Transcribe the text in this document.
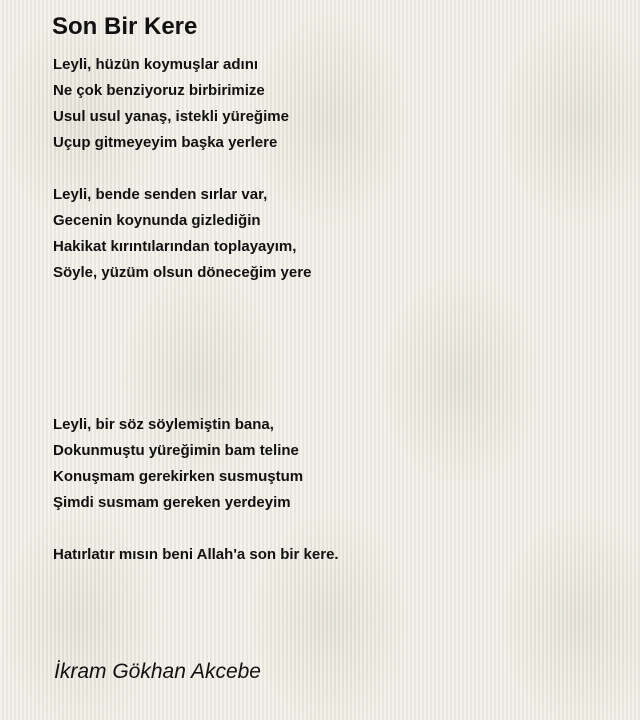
Son Bir Kere

Leyli, hüzün koymuşlar adını
Ne çok benziyoruz birbirimize
Usul usul yanaş, istekli yüreğime
Uçup gitmeyeyim başka yerlere

Leyli, bende senden sırlar var,
Gecenin koynunda gizlediğin
Hakikat kırıntılarından toplayayım,
Söyle, yüzüm olsun döneceğim yere

Leyli, bir söz söylemiştin bana,
Dokunmuştu yüreğimin bam teline
Konuşmam gerekirken susmuştum
Şimdi susmam gereken yerdeyim

Hatırlatır mısın beni Allah'a son bir kere.

İkram Gökhan Akcebe
